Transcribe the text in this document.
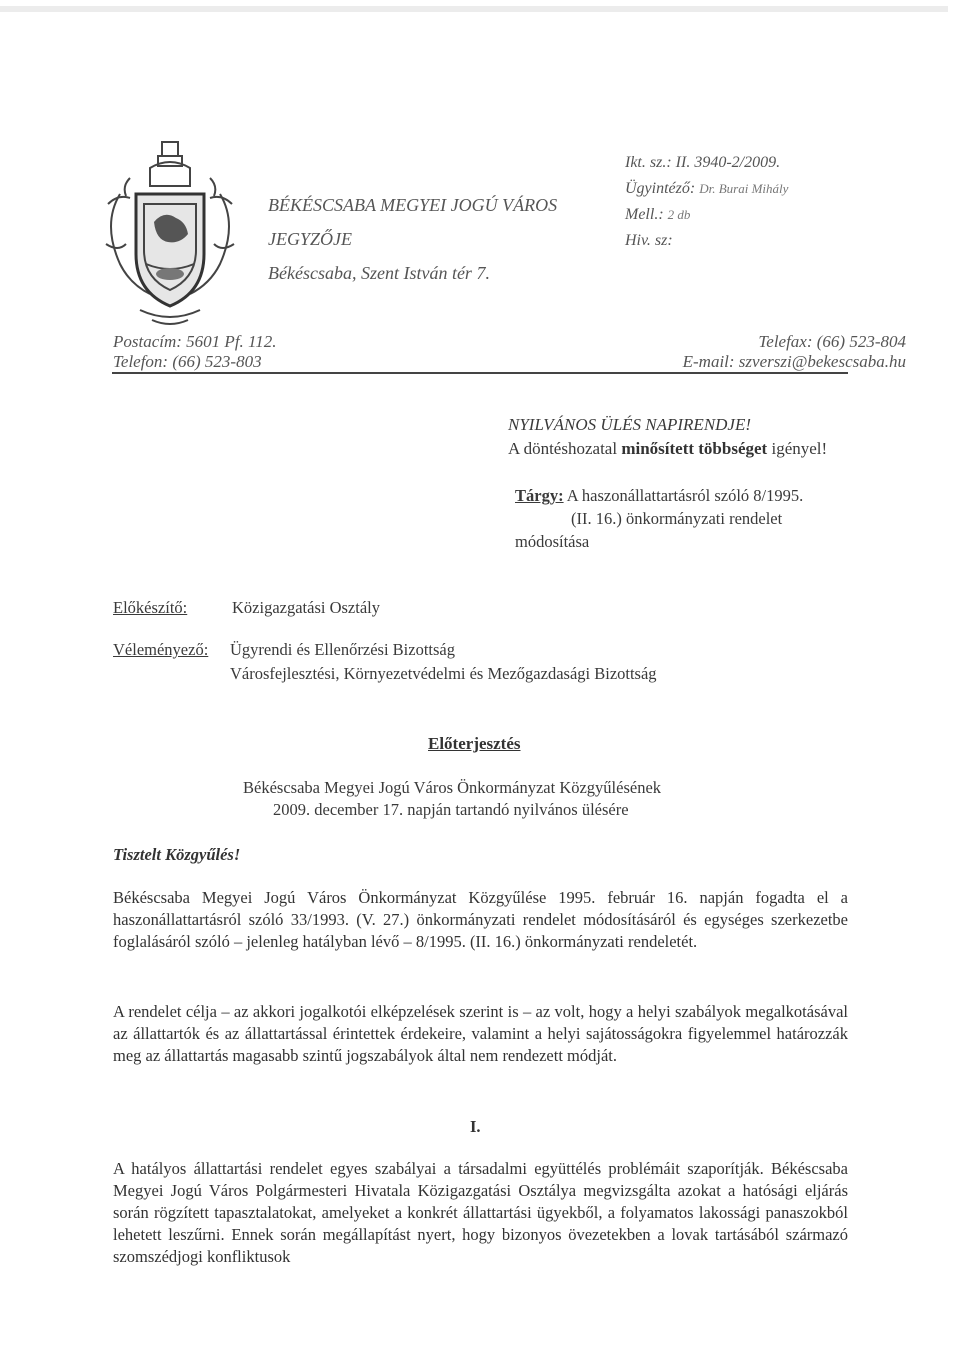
BÉKÉSCSABA MEGYEI JOGÚ VÁROS
JEGYZŐJE
Békéscsaba, Szent István tér 7.
Ikt. sz.: II. 3940-2/2009.
Ügyintéző: Dr. Burai Mihály
Mell.: 2 db
Hiv. sz:
Postacím: 5601 Pf. 112.
Telefon: (66) 523-803
Telefax: (66) 523-804
E-mail: szverszi@bekescsaba.hu
NYILVÁNOS ÜLÉS NAPIRENDJE!
A döntéshozatal minősített többséget igényel!
Tárgy: A haszonállattartásról szóló 8/1995.
(II. 16.) önkormányzati rendelet
módosítása
Előkészítő:	Közigazgatási Osztály
Véleményező: Ügyrendi és Ellenőrzési Bizottság
Városfejlesztési, Környezetvédelmi és Mezőgazdasági Bizottság
Előterjesztés
Békéscsaba Megyei Jogú Város Önkormányzat Közgyűlésének
2009. december 17. napján tartandó nyilvános ülésére
Tisztelt Közgyűlés!
Békéscsaba Megyei Jogú Város Önkormányzat Közgyűlése 1995. február 16. napján fogadta el a haszonállattartásról szóló 33/1993. (V. 27.) önkormányzati rendelet módosításáról és egységes szerkezetbe foglalásáról szóló – jelenleg hatályban lévő – 8/1995. (II. 16.) önkormányzati rendeletét.
A rendelet célja – az akkori jogalkotói elképzelések szerint is – az volt, hogy a helyi szabályok megalkotásával az állattartók és az állattartással érintettek érdekeire, valamint a helyi sajátosságokra figyelemmel határozzák meg az állattartás magasabb szintű jogszabályok által nem rendezett módját.
I.
A hatályos állattartási rendelet egyes szabályai a társadalmi együttélés problémáit szaporítják. Békéscsaba Megyei Jogú Város Polgármesteri Hivatala Közigazgatási Osztálya megvizsgálta azokat a hatósági eljárás során rögzített tapasztalatokat, amelyeket a konkrét állattartási ügyekből, a folyamatos lakossági panaszokból lehetett leszűrni. Ennek során megállapítást nyert, hogy bizonyos övezetekben a lovak tartásából származó szomszédjogi konfliktusok
